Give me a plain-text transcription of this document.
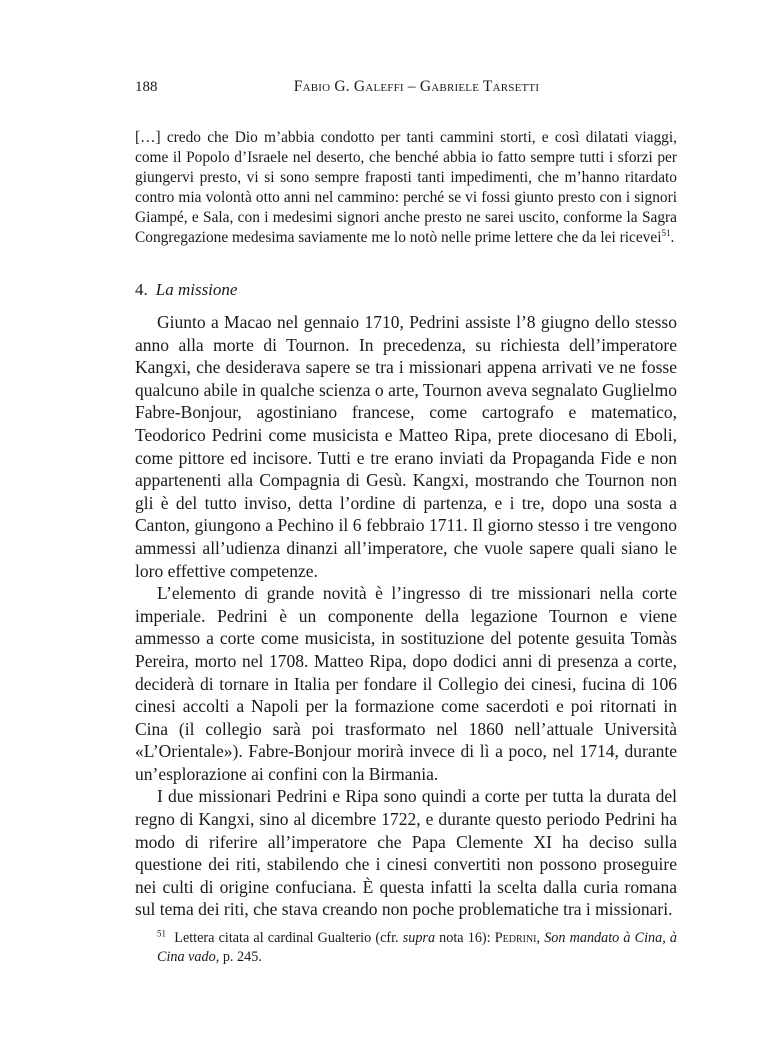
188	Fabio G. Galeffi – Gabriele Tarsetti
[…] credo che Dio m’abbia condotto per tanti cammini storti, e così dilatati viaggi, come il Popolo d’Israele nel deserto, che benché abbia io fatto sempre tutti i sforzi per giungervi presto, vi si sono sempre fraposti tanti impedimenti, che m’hanno ritardato contro mia volontà otto anni nel cammino: perché se vi fossi giunto presto con i signori Giampé, e Sala, con i medesimi signori anche presto ne sarei uscito, conforme la Sagra Congregazione medesima saviamente me lo notò nelle prime lettere che da lei ricevei$^{51}$.
4. La missione

Giunto a Macao nel gennaio 1710, Pedrini assiste l’8 giugno dello stesso anno alla morte di Tournon. In precedenza, su richiesta dell’imperatore Kangxi, che desiderava sapere se tra i missionari appena arrivati ve ne fosse qualcuno abile in qualche scienza o arte, Tournon aveva segnalato Guglielmo Fabre-Bonjour, agostiniano francese, come cartografo e matematico, Teodorico Pedrini come musicista e Matteo Ripa, prete diocesano di Eboli, come pittore ed incisore. Tutti e tre erano inviati da Propaganda Fide e non appartenenti alla Compagnia di Gesù. Kangxi, mostrando che Tournon non gli è del tutto inviso, detta l’ordine di partenza, e i tre, dopo una sosta a Canton, giungono a Pechino il 6 febbraio 1711. Il giorno stesso i tre vengono ammessi all’udienza dinanzi all’imperatore, che vuole sapere quali siano le loro effettive competenze.

L’elemento di grande novità è l’ingresso di tre missionari nella corte imperiale. Pedrini è un componente della legazione Tournon e viene ammesso a corte come musicista, in sostituzione del potente gesuita Tomàs Pereira, morto nel 1708. Matteo Ripa, dopo dodici anni di presenza a corte, deciderà di tornare in Italia per fondare il Collegio dei cinesi, fucina di 106 cinesi accolti a Napoli per la formazione come sacerdoti e poi ritornati in Cina (il collegio sarà poi trasformato nel 1860 nell’attuale Università «L’Orientale»). Fabre-Bonjour morirà invece di lì a poco, nel 1714, durante un’esplorazione ai confini con la Birmania.

I due missionari Pedrini e Ripa sono quindi a corte per tutta la durata del regno di Kangxi, sino al dicembre 1722, e durante questo periodo Pedrini ha modo di riferire all’imperatore che Papa Clemente XI ha deciso sulla questione dei riti, stabilendo che i cinesi convertiti non possono proseguire nei culti di origine confuciana. È questa infatti la scelta dalla curia romana sul tema dei riti, che stava creando non poche problematiche tra i missionari.

$^{51}$ Lettera citata al cardinal Gualterio (cfr. supra nota 16): Pedrini, Son mandato à Cina, à Cina vado, p. 245.
